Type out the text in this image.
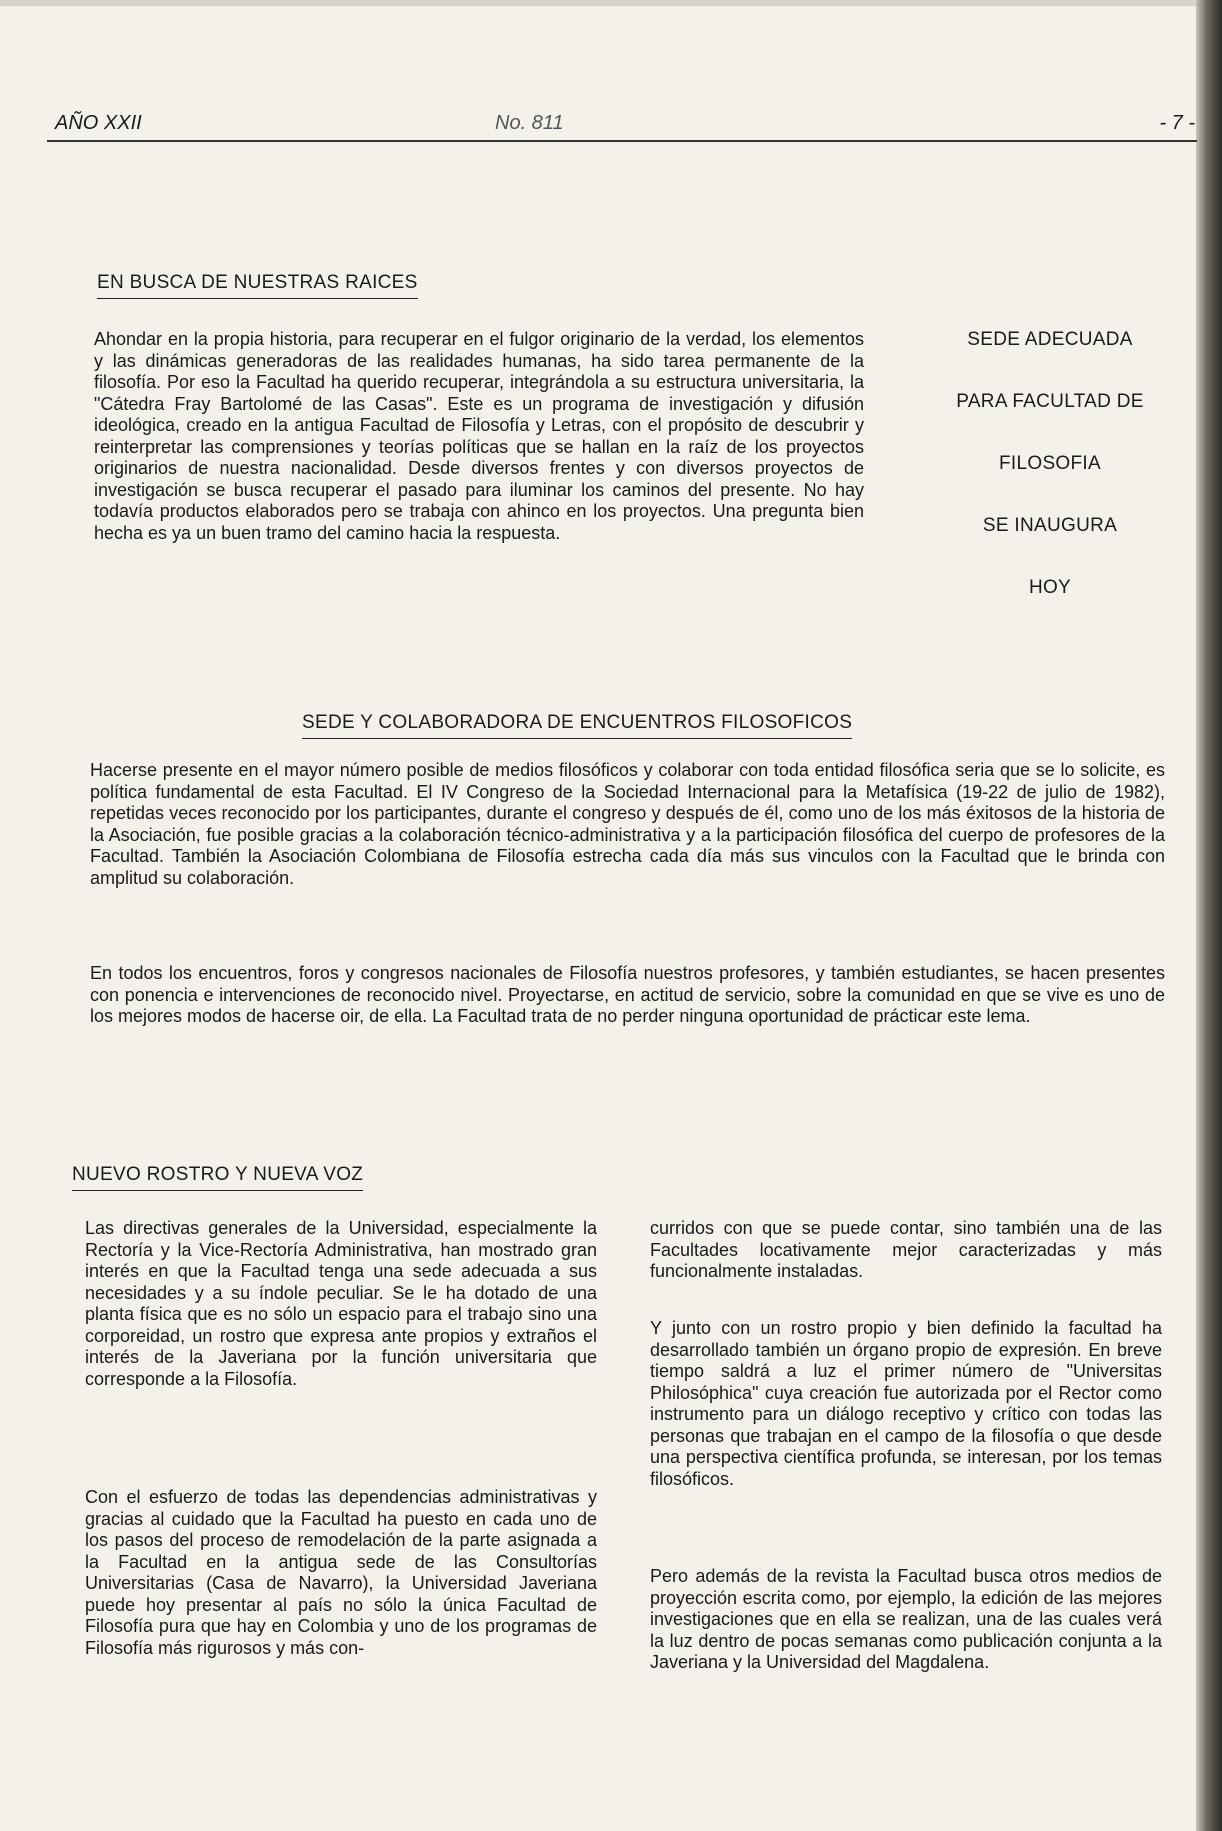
AÑO XXII	No. 811	- 7 -
EN BUSCA DE NUESTRAS RAICES

Ahondar en la propia historia, para recuperar en el fulgor originario de la verdad, los elementos y las dinámicas generadoras de las realidades humanas, ha sido tarea permanente de la filosofía. Por eso la Facultad ha querido recuperar, integrándola a su estructura universitaria, la "Cátedra Fray Bartolomé de las Casas". Este es un programa de investigación y difusión ideológica, creado en la antigua Facultad de Filosofía y Letras, con el propósito de descubrir y reinterpretar las comprensiones y teorías políticas que se hallan en la raíz de los proyectos originarios de nuestra nacionalidad. Desde diversos frentes y con diversos proyectos de investigación se busca recuperar el pasado para iluminar los caminos del presente. No hay todavía productos elaborados pero se trabaja con ahinco en los proyectos. Una pregunta bien hecha es ya un buen tramo del camino hacia la respuesta.

SEDE ADECUADA
PARA FACULTAD DE
FILOSOFIA
SE INAUGURA
HOY
SEDE Y COLABORADORA DE ENCUENTROS FILOSOFICOS

Hacerse presente en el mayor número posible de medios filosóficos y colaborar con toda entidad filosófica seria que se lo solicite, es política fundamental de esta Facultad. El IV Congreso de la Sociedad Internacional para la Metafísica (19-22 de julio de 1982), repetidas veces reconocido por los participantes, durante el congreso y después de él, como uno de los más éxitosos de la historia de la Asociación, fue posible gracias a la colaboración técnico-administrativa y a la participación filosófica del cuerpo de profesores de la Facultad. También la Asociación Colombiana de Filosofía estrecha cada día más sus vinculos con la Facultad que le brinda con amplitud su colaboración.

En todos los encuentros, foros y congresos nacionales de Filosofía nuestros profesores, y también estudiantes, se hacen presentes con ponencia e intervenciones de reconocido nivel. Proyectarse, en actitud de servicio, sobre la comunidad en que se vive es uno de los mejores modos de hacerse oir, de ella. La Facultad trata de no perder ninguna oportunidad de prácticar este lema.

NUEVO ROSTRO Y NUEVA VOZ

Las directivas generales de la Universidad, especialmente la Rectoría y la Vice-Rectoría Administrativa, han mostrado gran interés en que la Facultad tenga una sede adecuada a sus necesidades y a su índole peculiar. Se le ha dotado de una planta física que es no sólo un espacio para el trabajo sino una corporeidad, un rostro que expresa ante propios y extraños el interés de la Javeriana por la función universitaria que corresponde a la Filosofía.

Con el esfuerzo de todas las dependencias administrativas y gracias al cuidado que la Facultad ha puesto en cada uno de los pasos del proceso de remodelación de la parte asignada a la Facultad en la antigua sede de las Consultorías Universitarias (Casa de Navarro), la Universidad Javeriana puede hoy presentar al país no sólo la única Facultad de Filosofía pura que hay en Colombia y uno de los programas de Filosofía más rigurosos y más con-

curridos con que se puede contar, sino también una de las Facultades locativamente mejor caracterizadas y más funcionalmente instaladas.

Y junto con un rostro propio y bien definido la facultad ha desarrollado también un órgano propio de expresión. En breve tiempo saldrá a luz el primer número de "Universitas Philosóphica" cuya creación fue autorizada por el Rector como instrumento para un diálogo receptivo y crítico con todas las personas que trabajan en el campo de la filosofía o que desde una perspectiva científica profunda, se interesan, por los temas filosóficos.

Pero además de la revista la Facultad busca otros medios de proyección escrita como, por ejemplo, la edición de las mejores investigaciones que en ella se realizan, una de las cuales verá la luz dentro de pocas semanas como publicación conjunta a la Javeriana y la Universidad del Magdalena.
